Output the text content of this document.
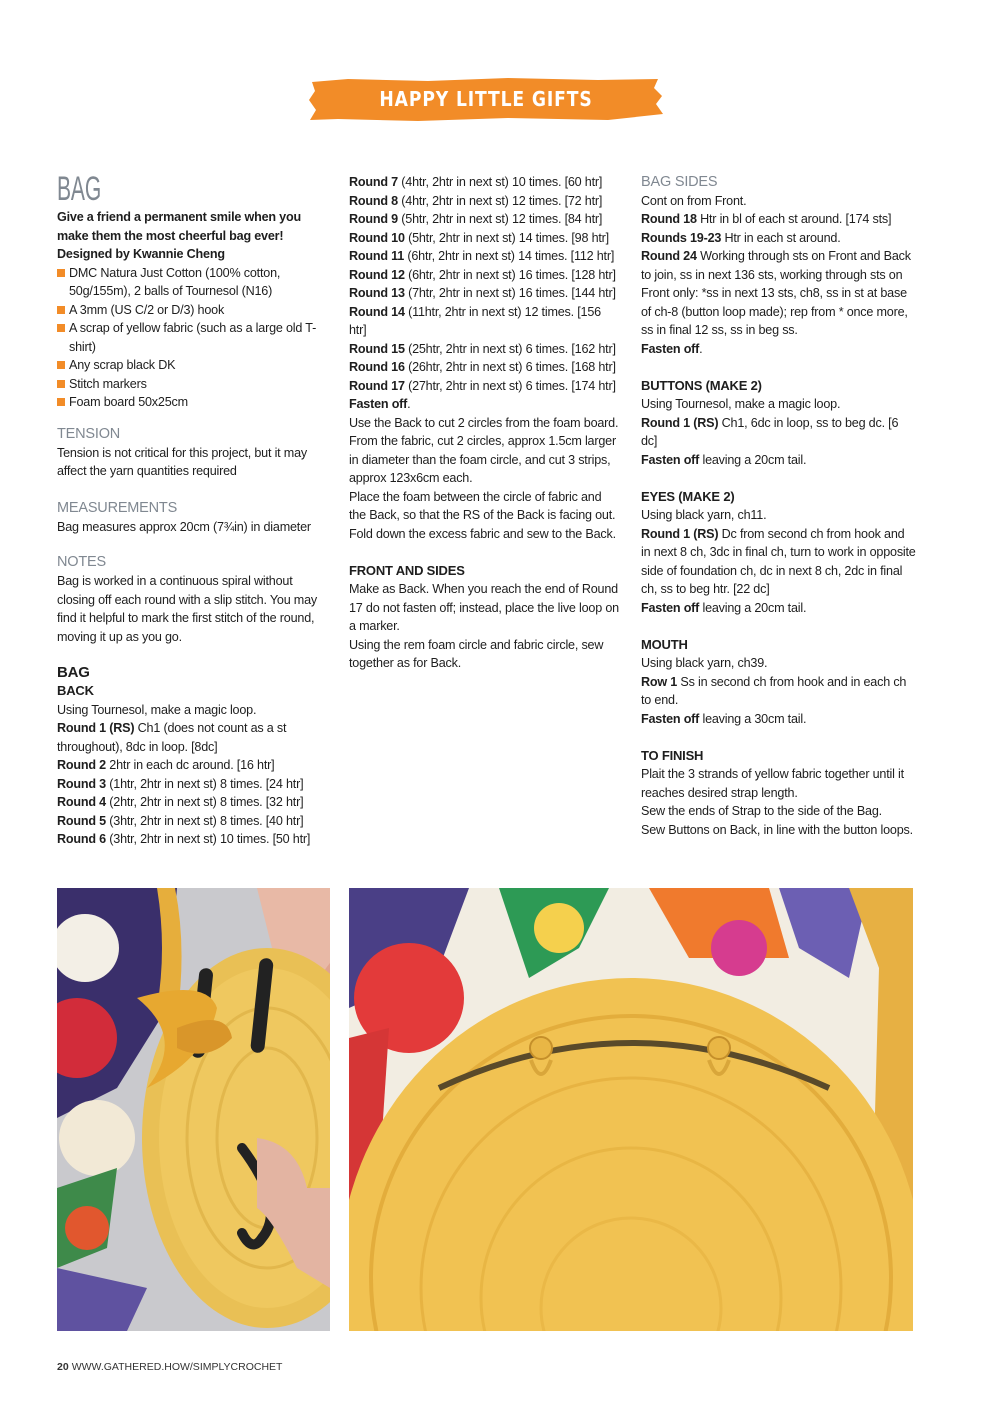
HAPPY LITTLE GIFTS COLLECTION

BAG

Give a friend a permanent smile when you make them the most cheerful bag ever! Designed by Kwannie Cheng

DMC Natura Just Cotton (100% cotton, 50g/155m), 2 balls of Tournesol (N16)
A 3mm (US C/2 or D/3) hook
A scrap of yellow fabric (such as a large old T-shirt)
Any scrap black DK
Stitch markers
Foam board 50x25cm

TENSION

Tension is not critical for this project, but it may affect the yarn quantities required

MEASUREMENTS

Bag measures approx 20cm (7¾in) in diameter

NOTES

Bag is worked in a continuous spiral without closing off each round with a slip stitch. You may find it helpful to mark the first stitch of the round, moving it up as you go.

BAG

BACK

Using Tournesol, make a magic loop.

Round 1 (RS) Ch1 (does not count as a st throughout), 8dc in loop. [8dc]

Round 2 2htr in each dc around. [16 htr]

Round 3 (1htr, 2htr in next st) 8 times. [24 htr]

Round 4 (2htr, 2htr in next st) 8 times. [32 htr]

Round 5 (3htr, 2htr in next st) 8 times. [40 htr]

Round 6 (3htr, 2htr in next st) 10 times. [50 htr]

Round 7 (4htr, 2htr in next st) 10 times. [60 htr]

Round 8 (4htr, 2htr in next st) 12 times. [72 htr]

Round 9 (5htr, 2htr in next st) 12 times. [84 htr]

Round 10 (5htr, 2htr in next st) 14 times. [98 htr]

Round 11 (6htr, 2htr in next st) 14 times. [112 htr]

Round 12 (6htr, 2htr in next st) 16 times. [128 htr]

Round 13 (7htr, 2htr in next st) 16 times. [144 htr]

Round 14 (11htr, 2htr in next st) 12 times. [156 htr]

Round 15 (25htr, 2htr in next st) 6 times. [162 htr]

Round 16 (26htr, 2htr in next st) 6 times. [168 htr]

Round 17 (27htr, 2htr in next st) 6 times. [174 htr]

Fasten off.

Use the Back to cut 2 circles from the foam board.

From the fabric, cut 2 circles, approx 1.5cm larger in diameter than the foam circle, and cut 3 strips, approx 123x6cm each.

Place the foam between the circle of fabric and the Back, so that the RS of the Back is facing out. Fold down the excess fabric and sew to the Back.

FRONT AND SIDES

Make as Back. When you reach the end of Round 17 do not fasten off; instead, place the live loop on a marker.

Using the rem foam circle and fabric circle, sew together as for Back.

BAG SIDES

Cont on from Front.

Round 18 Htr in bl of each st around. [174 sts]

Rounds 19-23 Htr in each st around.

Round 24 Working through sts on Front and Back to join, ss in next 136 sts, working through sts on Front only: *ss in next 13 sts, ch8, ss in st at base of ch-8 (button loop made); rep from * once more, ss in final 12 ss, ss in beg ss.

Fasten off.

BUTTONS (MAKE 2)

Using Tournesol, make a magic loop.

Round 1 (RS) Ch1, 6dc in loop, ss to beg dc. [6 dc]

Fasten off leaving a 20cm tail.

EYES (MAKE 2)

Using black yarn, ch11.

Round 1 (RS) Dc from second ch from hook and in next 8 ch, 3dc in final ch, turn to work in opposite side of foundation ch, dc in next 8 ch, 2dc in final ch, ss to beg htr. [22 dc]

Fasten off leaving a 20cm tail.

MOUTH

Using black yarn, ch39.

Row 1 Ss in second ch from hook and in each ch to end.

Fasten off leaving a 30cm tail.

TO FINISH

Plait the 3 strands of yellow fabric together until it reaches desired strap length.

Sew the ends of Strap to the side of the Bag.

Sew Buttons on Back, in line with the button loops.

20 WWW.GATHERED.HOW/SIMPLYCROCHET
